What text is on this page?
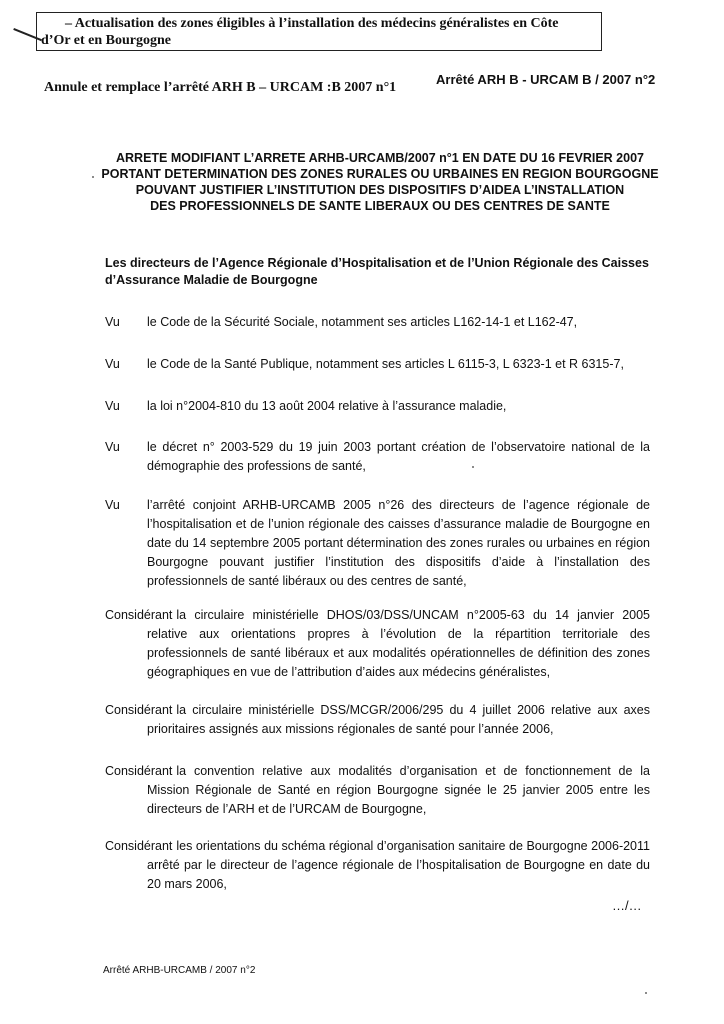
– Actualisation des zones éligibles à l’installation des médecins généralistes en Côte
d’Or et en Bourgogne
Annule et remplace l’arrêté ARH B – URCAM :B 2007 n°1
Arrêté ARH B - URCAM B / 2007 n°2
ARRETE MODIFIANT L’ARRETE ARHB-URCAMB/2007 n°1 EN DATE DU 16 FEVRIER 2007
PORTANT DETERMINATION DES ZONES RURALES OU URBAINES EN REGION BOURGOGNE
POUVANT JUSTIFIER L’INSTITUTION DES DISPOSITIFS D’AIDEA L’INSTALLATION
DES PROFESSIONNELS DE SANTE LIBERAUX OU DES CENTRES DE SANTE
Les directeurs de l’Agence Régionale d’Hospitalisation et de l’Union Régionale des Caisses d’Assurance Maladie de Bourgogne
Vu le Code de la Sécurité Sociale, notamment ses articles L162-14-1 et L162-47,
Vu le Code de la Santé Publique, notamment ses articles L 6115-3, L 6323-1 et R 6315-7,
Vu la loi n°2004-810 du 13 août 2004 relative à l’assurance maladie,
Vu le décret n° 2003-529 du 19 juin 2003 portant création de l’observatoire national de la démographie des professions de santé,
Vu l’arrêté conjoint ARHB-URCAMB 2005 n°26 des directeurs de l’agence régionale de l’hospitalisation et de l’union régionale des caisses d’assurance maladie de Bourgogne en date du 14 septembre 2005 portant détermination des zones rurales ou urbaines en région Bourgogne pouvant justifier l’institution des dispositifs d’aide à l’installation des professionnels de santé libéraux ou des centres de santé,
Considérant la circulaire ministérielle DHOS/03/DSS/UNCAM n°2005-63 du 14 janvier 2005 relative aux orientations propres à l’évolution de la répartition territoriale des professionnels de santé libéraux et aux modalités opérationnelles de définition des zones géographiques en vue de l’attribution d’aides aux médecins généralistes,
Considérant la circulaire ministérielle DSS/MCGR/2006/295 du 4 juillet 2006 relative aux axes prioritaires assignés aux missions régionales de santé pour l’année 2006,
Considérant la convention relative aux modalités d’organisation et de fonctionnement de la Mission Régionale de Santé en région Bourgogne signée le 25 janvier 2005 entre les directeurs de l’ARH et de l’URCAM de Bourgogne,
Considérant les orientations du schéma régional d’organisation sanitaire de Bourgogne 2006-2011 arrêté par le directeur de l’agence régionale de l’hospitalisation de Bourgogne en date du 20 mars 2006,
…/…
Arrêté ARHB-URCAMB / 2007 n°2
